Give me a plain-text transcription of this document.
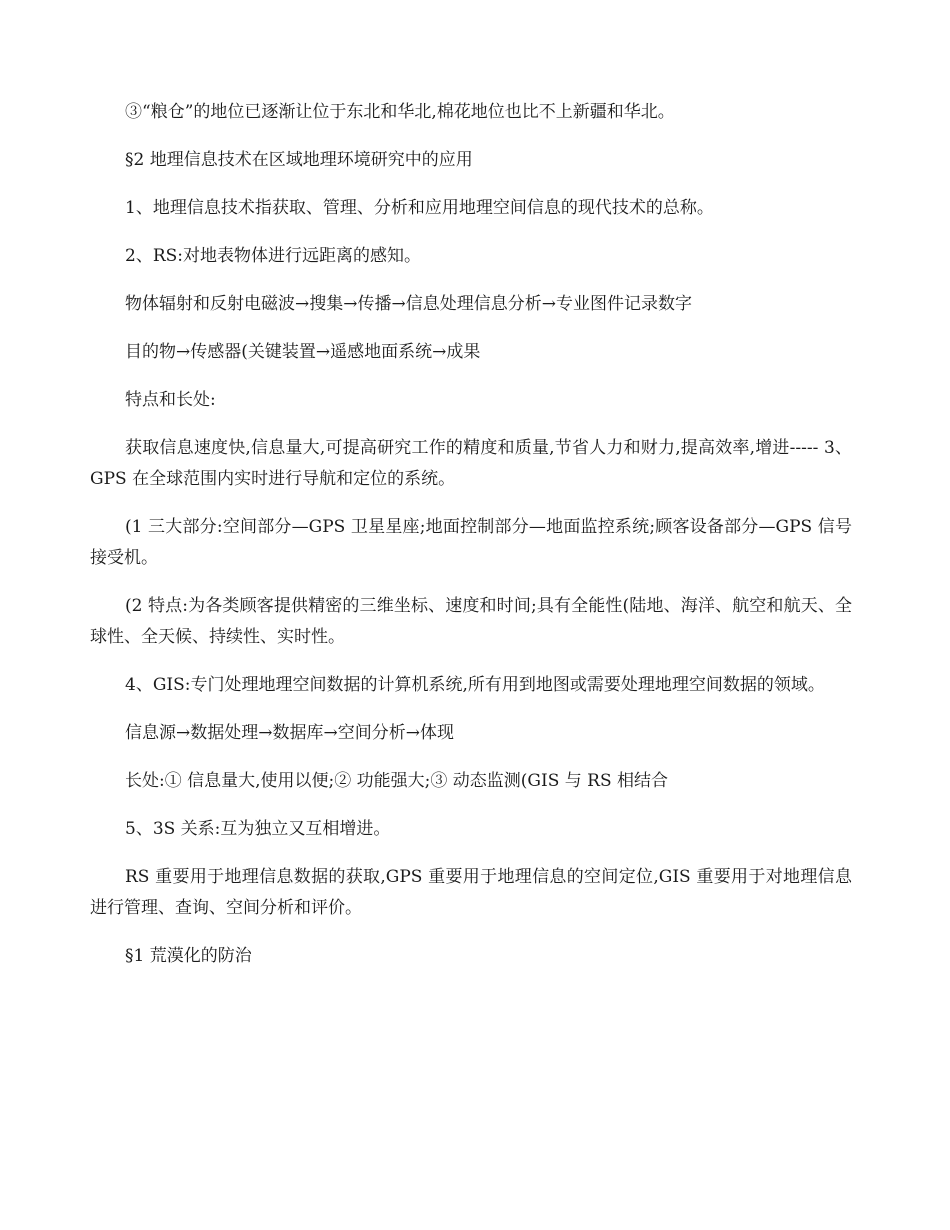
③“粮仓”的地位已逐渐让位于东北和华北,棉花地位也比不上新疆和华北。

§2 地理信息技术在区域地理环境研究中的应用

1、地理信息技术指获取、管理、分析和应用地理空间信息的现代技术的总称。

2、RS:对地表物体进行远距离的感知。

物体辐射和反射电磁波→搜集→传播→信息处理信息分析→专业图件记录数字

目的物→传感器(关键装置→遥感地面系统→成果

特点和长处:

获取信息速度快,信息量大,可提高研究工作的精度和质量,节省人力和财力,提高效率,增进----- 3、GPS 在全球范围内实时进行导航和定位的系统。

(1 三大部分:空间部分—GPS 卫星星座;地面控制部分—地面监控系统;顾客设备部分—GPS 信号接受机。

(2 特点:为各类顾客提供精密的三维坐标、速度和时间;具有全能性(陆地、海洋、航空和航天、全球性、全天候、持续性、实时性。

4、GIS:专门处理地理空间数据的计算机系统,所有用到地图或需要处理地理空间数据的领域。

信息源→数据处理→数据库→空间分析→体现

长处:① 信息量大,使用以便;② 功能强大;③ 动态监测(GIS 与 RS 相结合

5、3S 关系:互为独立又互相增进。

RS 重要用于地理信息数据的获取,GPS 重要用于地理信息的空间定位,GIS 重要用于对地理信息进行管理、查询、空间分析和评价。

§1 荒漠化的防治
